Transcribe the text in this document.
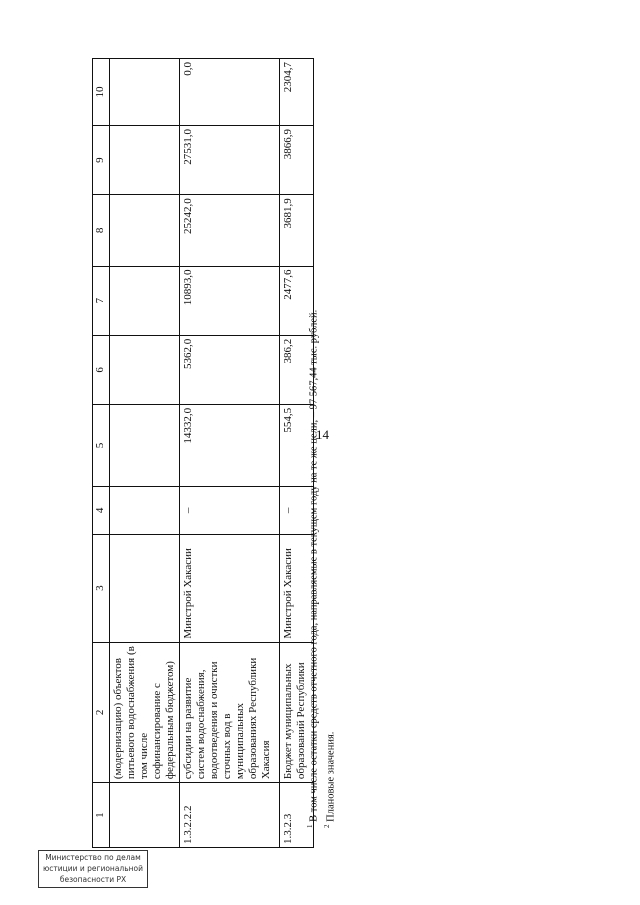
14
1	2	3	4	5	6	7	8	9	10
	(модернизацию) объектов питьевого водоснабжения (в том числе софинансирование с федеральным бюджетом)								
1.3.2.2.2	субсидии на развитие систем водоснабжения, водоотведения и очистки сточных вод в муниципальных образованиях Республики Хакасия	Минстрой Хакасии	–	14332,0	5362,0	10893,0	25242,0	27531,0	0,0
1.3.2.3	Бюджет муниципальных образований Республики	Минстрой Хакасии	–	554,5	386,2	2477,6	3681,9	3866,9	2304,7
$^1$ В том числе остатки средств отчетного года, направляемые в текущем году на те же цели, – 97 567,44 тыс. рублей.
$^2$ Плановые значения.
Министерство по делам
юстиции и региональной
безопасности РХ
